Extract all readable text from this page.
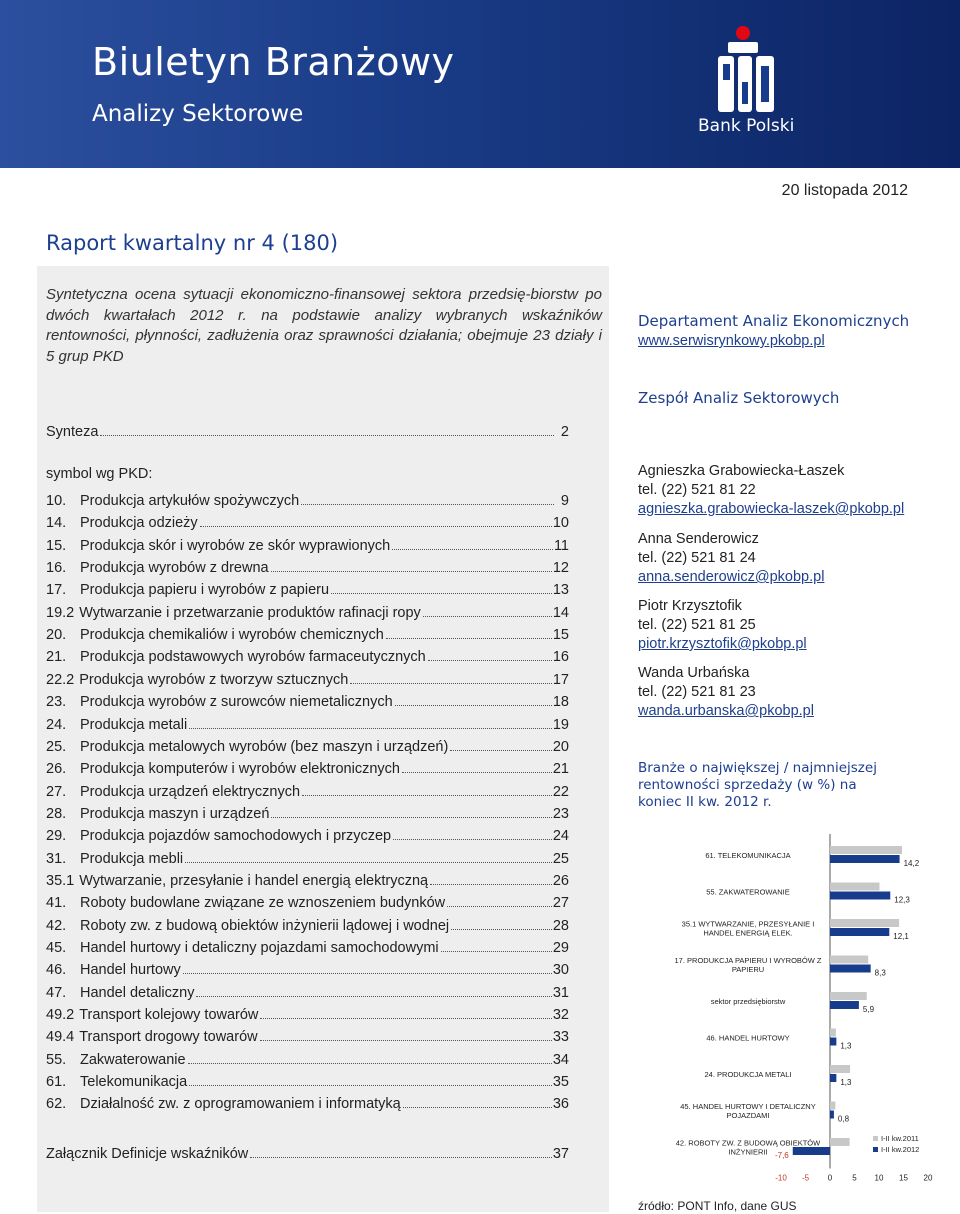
Biuletyn Branżowy
Analizy Sektorowe	Bank Polski
20 listopada 2012
Raport kwartalny nr 4 (180)
Syntetyczna ocena sytuacji ekonomiczno-finansowej sektora przedsię-biorstw po dwóch kwartałach 2012 r. na podstawie analizy wybranych wskaźników rentowności, płynności, zadłużenia oraz sprawności działania; obejmuje 23 działy i 5 grup PKD
Synteza	2
symbol wg PKD:
10. Produkcja artykułów spożywczych	9
14. Produkcja odzieży	10
15. Produkcja skór i wyrobów ze skór wyprawionych	11
16. Produkcja wyrobów z drewna	12
17. Produkcja papieru i wyrobów z papieru	13
19.2 Wytwarzanie i przetwarzanie produktów rafinacji ropy	14
20. Produkcja chemikaliów i wyrobów chemicznych	15
21. Produkcja podstawowych wyrobów farmaceutycznych	16
22.2 Produkcja wyrobów z tworzyw sztucznych	17
23. Produkcja wyrobów z surowców niemetalicznych	18
24. Produkcja metali	19
25. Produkcja metalowych wyrobów (bez maszyn i urządzeń)	20
26. Produkcja komputerów i wyrobów elektronicznych	21
27. Produkcja urządzeń elektrycznych	22
28. Produkcja maszyn i urządzeń	23
29. Produkcja pojazdów samochodowych i przyczep	24
31. Produkcja mebli	25
35.1 Wytwarzanie, przesyłanie i handel energią elektryczną	26
41. Roboty budowlane związane ze wznoszeniem budynków	27
42. Roboty zw. z budową obiektów inżynierii lądowej i wodnej	28
45. Handel hurtowy i detaliczny pojazdami samochodowymi	29
46. Handel hurtowy	30
47. Handel detaliczny	31
49.2 Transport kolejowy towarów	32
49.4 Transport drogowy towarów	33
55. Zakwaterowanie	34
61. Telekomunikacja	35
62. Działalność zw. z oprogramowaniem i informatyką	36
Załącznik Definicje wskaźników	37
Departament Analiz Ekonomicznych
www.serwisrynkowy.pkobp.pl
Zespół Analiz Sektorowych
Agnieszka Grabowiecka-Łaszek
tel. (22) 521 81 22
agnieszka.grabowiecka-laszek@pkobp.pl
Anna Senderowicz
tel. (22) 521 81 24
anna.senderowicz@pkobp.pl
Piotr Krzysztofik
tel. (22) 521 81 25
piotr.krzysztofik@pkobp.pl
Wanda Urbańska
tel. (22) 521 81 23
wanda.urbanska@pkobp.pl
Branże o największej / najmniejszej rentowności sprzedaży (w %) na koniec II kw. 2012 r.
61. TELEKOMUNIKACJA
14,2
55. ZAKWATEROWANIE
12,3
35.1 WYTWARZANIE, PRZESYŁANIE I HANDEL ENERGIĄ ELEK.	12,1
17. PRODUKCJA PAPIERU I WYROBÓW Z PAPIERU	8,3
sektor przedsiębiorstw
5,9
46. HANDEL HURTOWY
1,3
24. PRODUKCJA METALI
1,3
45. HANDEL HURTOWY I DETALICZNY POJAZDAMI	0,8
42. ROBOTY ZW. Z BUDOWĄ OBIEKTÓW INŻYNIERII -7,6
-10 -5 0	5 10 15 20
I-II kw.2011
I-II kw.2012
źródło: PONT Info, dane GUS
